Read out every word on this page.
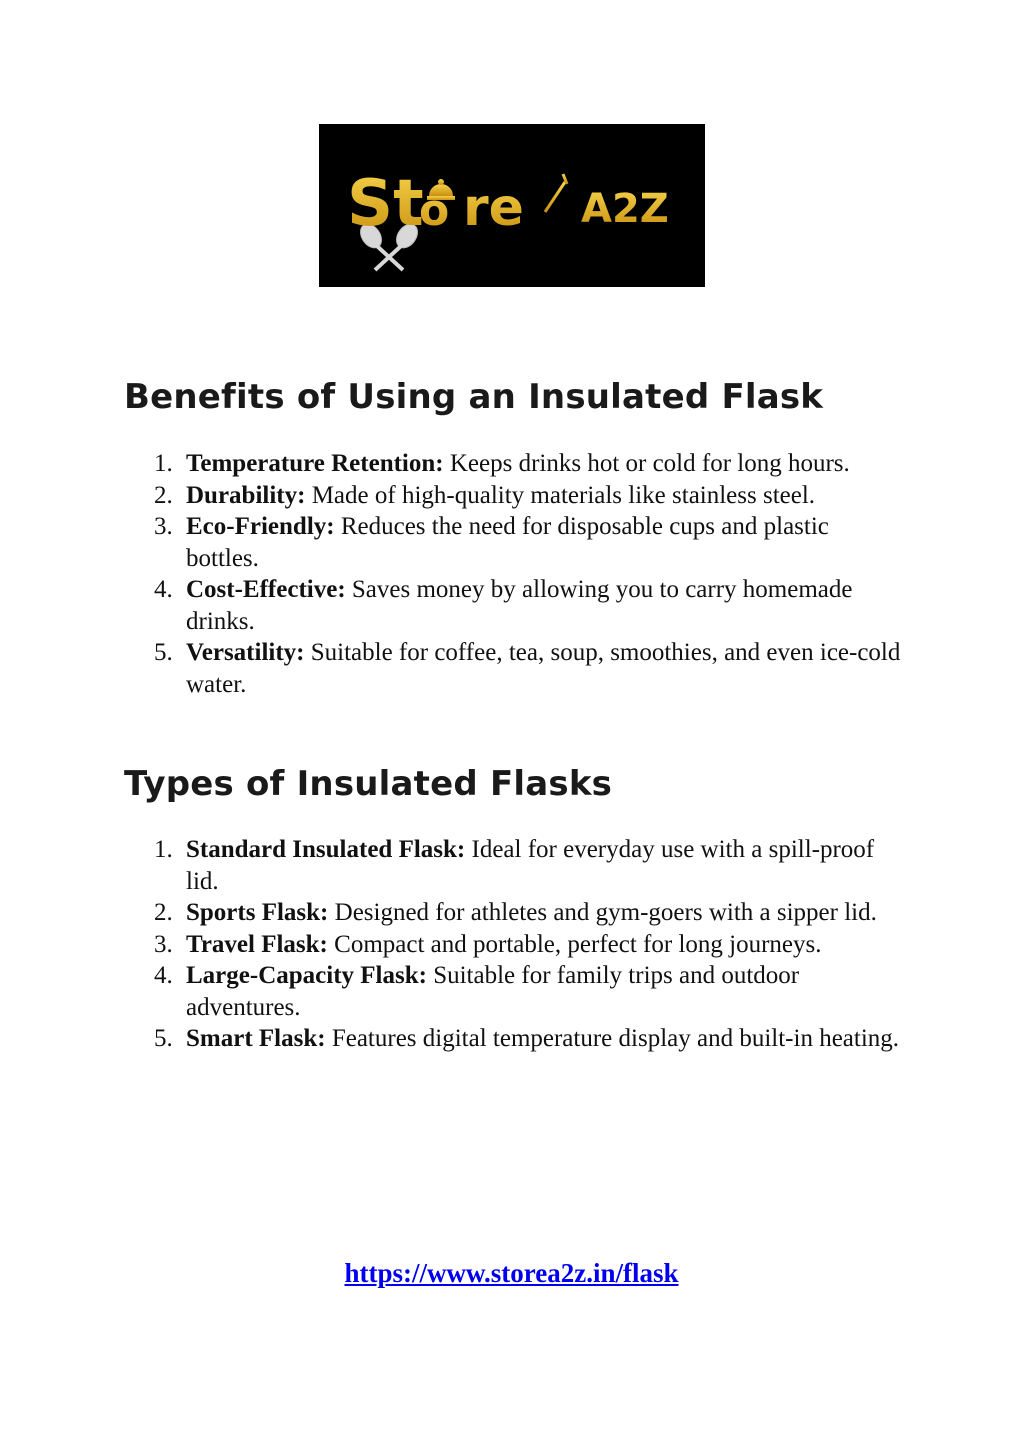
St re
o	A2Z
Benefits of Using an Insulated Flask
1. Temperature Retention: Keeps drinks hot or cold for long hours.
2. Durability: Made of high-quality materials like stainless steel.
3. Eco-Friendly: Reduces the need for disposable cups and plastic bottles.
4. Cost-Effective: Saves money by allowing you to carry homemade drinks.
5. Versatility: Suitable for coffee, tea, soup, smoothies, and even ice-cold water.
Types of Insulated Flasks
1. Standard Insulated Flask: Ideal for everyday use with a spill-proof lid.
2. Sports Flask: Designed for athletes and gym-goers with a sipper lid.
3. Travel Flask: Compact and portable, perfect for long journeys.
4. Large-Capacity Flask: Suitable for family trips and outdoor adventures.
5. Smart Flask: Features digital temperature display and built-in heating.
https://www.storea2z.in/flask
